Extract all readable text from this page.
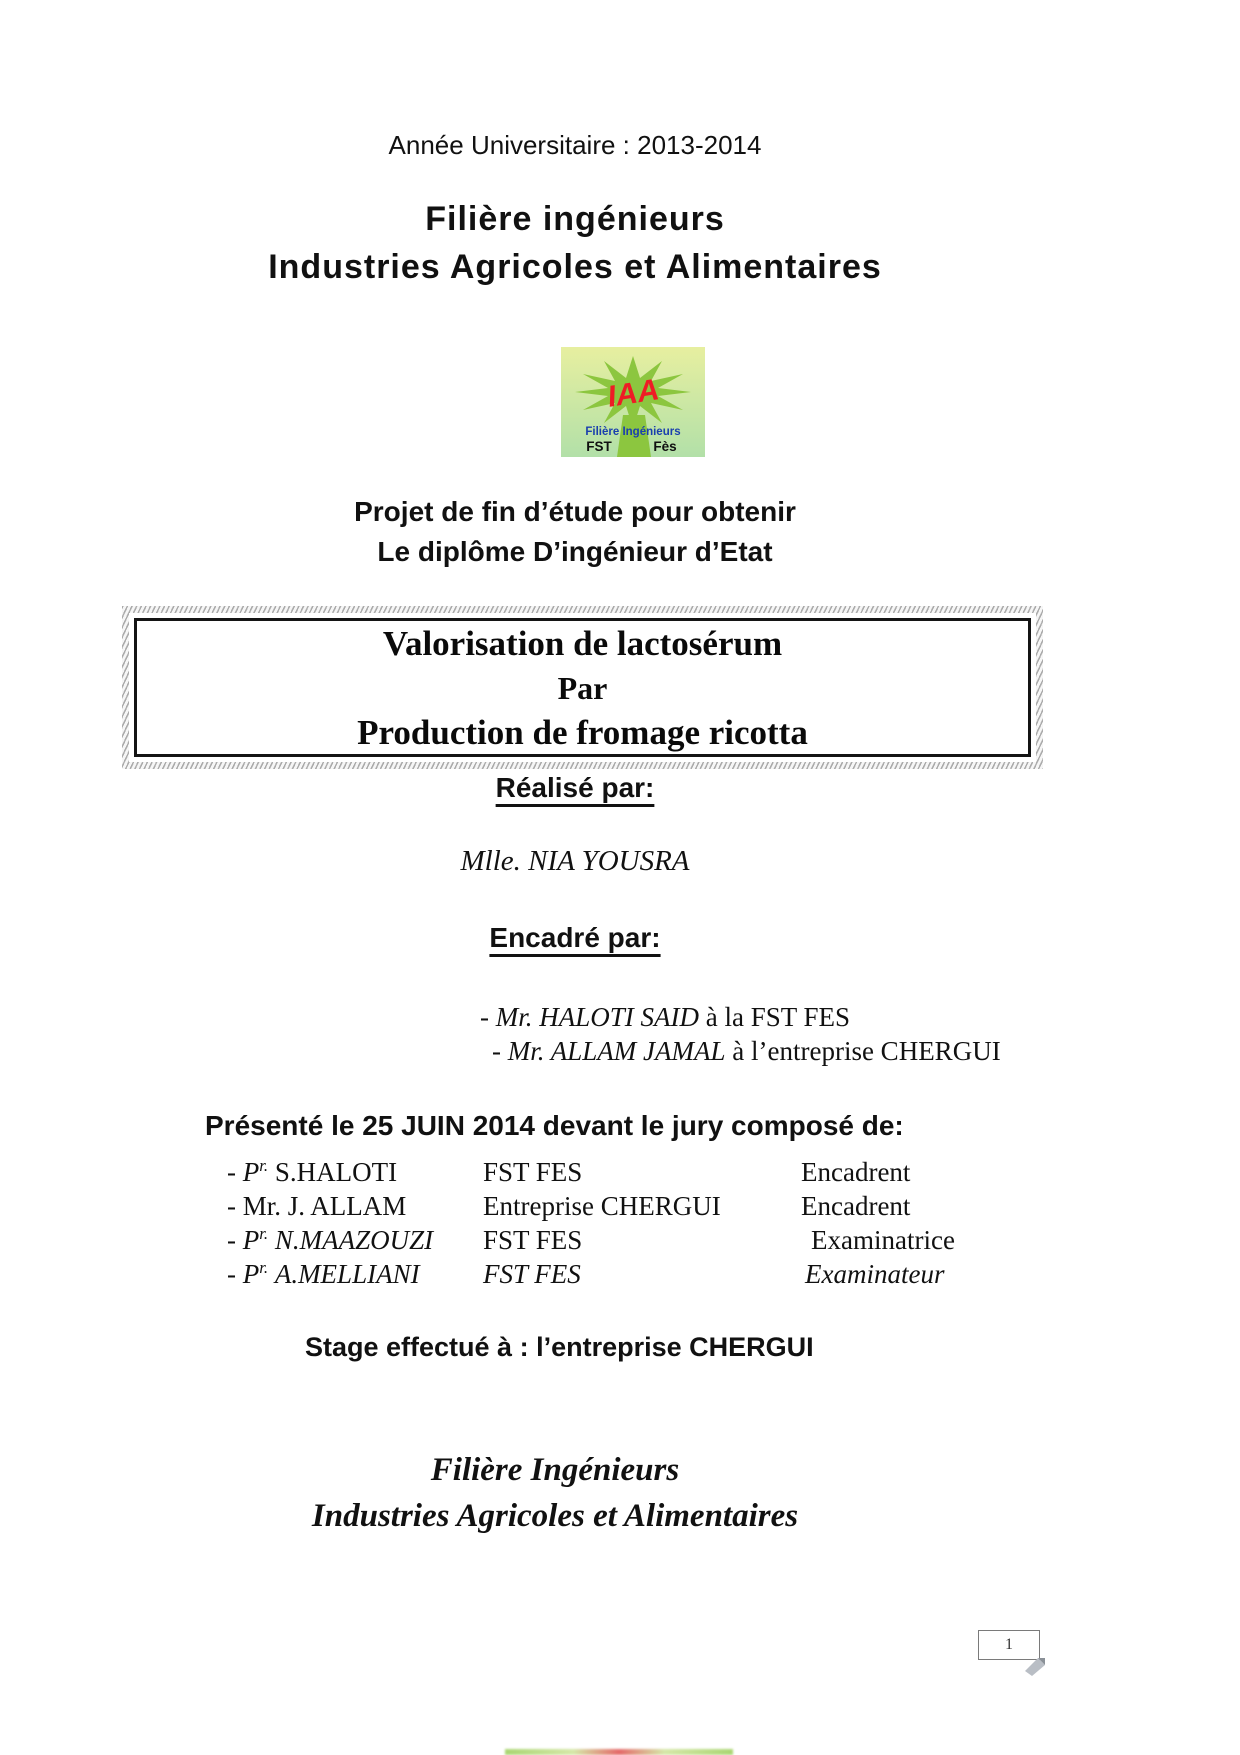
Année Universitaire : 2013-2014
Filière ingénieurs
Industries Agricoles et Alimentaires
IAA
Filière Ingénieurs
FST	Fès
Projet de fin d’étude pour obtenir
Le diplôme D’ingénieur d’Etat
Valorisation de lactosérum
Par
Production de fromage ricotta
Réalisé par:
Mlle. NIA YOUSRA
Encadré par:
- Mr. HALOTI SAID à la FST FES
- Mr. ALLAM JAMAL à l’entreprise CHERGUI
Présenté le 25 JUIN 2014 devant le jury composé de:
- $P^{r.}$ S.HALOTI	FST FES	Encadrent
- Mr. J. ALLAM	Entreprise CHERGUI	Encadrent
- $P^{r.}$ N.MAAZOUZI	FST FES	Examinatrice
- $P^{r.}$ A.MELLIANI	FST FES	Examinateur
Stage effectué à : l’entreprise CHERGUI
Filière Ingénieurs
Industries Agricoles et Alimentaires
1
